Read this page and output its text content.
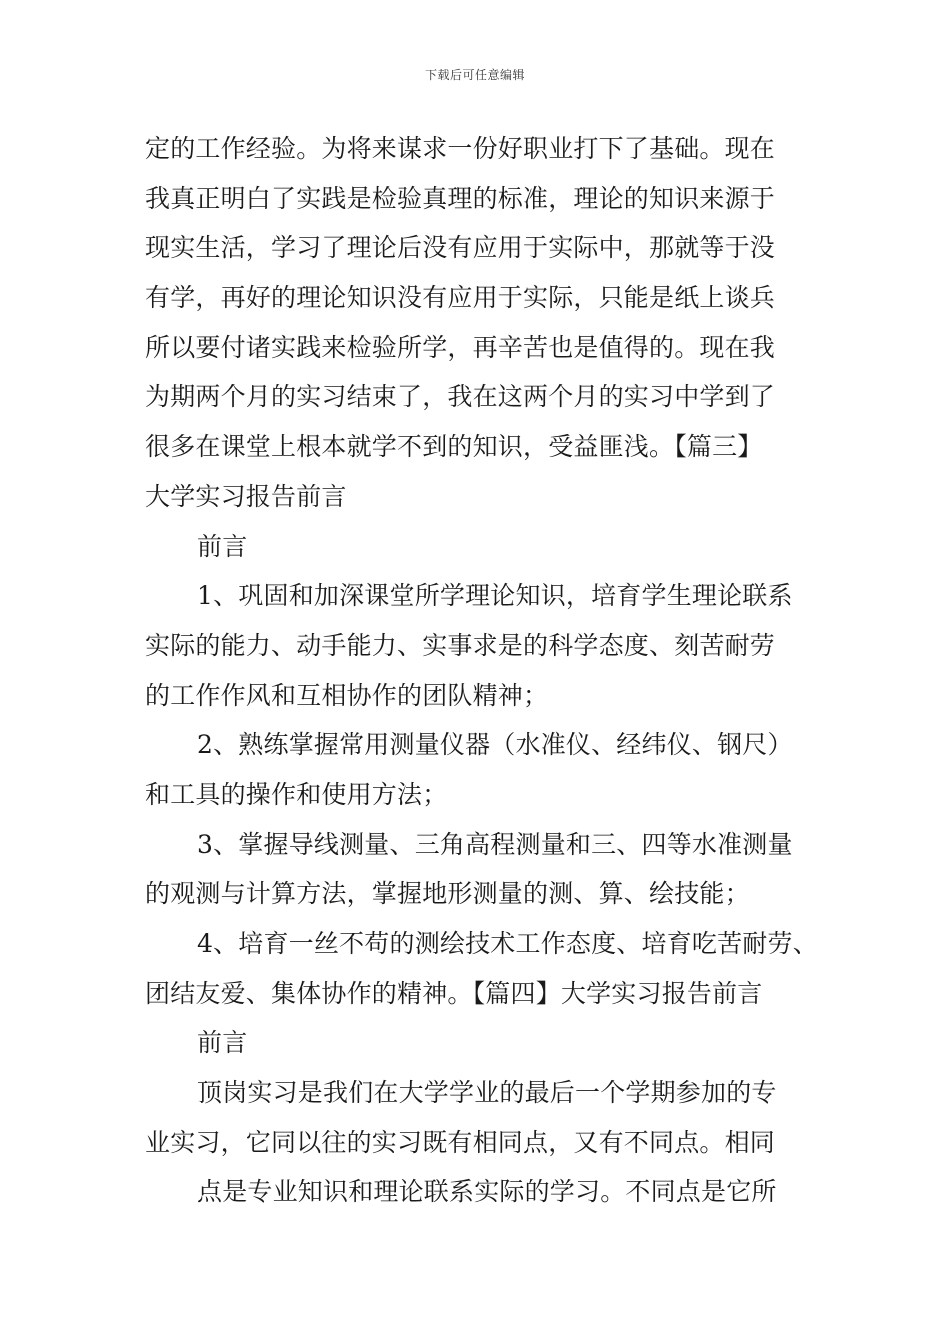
下载后可任意编辑
定的工作经验。为将来谋求一份好职业打下了基础。现在
我真正明白了实践是检验真理的标准，理论的知识来源于
现实生活，学习了理论后没有应用于实际中，那就等于没
有学，再好的理论知识没有应用于实际，只能是纸上谈兵
所以要付诸实践来检验所学，再辛苦也是值得的。现在我
为期两个月的实习结束了，我在这两个月的实习中学到了
很多在课堂上根本就学不到的知识，受益匪浅。【篇三】
大学实习报告前言
前言
1、巩固和加深课堂所学理论知识，培育学生理论联系
实际的能力、动手能力、实事求是的科学态度、刻苦耐劳
的工作作风和互相协作的团队精神；
2、熟练掌握常用测量仪器（水准仪、经纬仪、钢尺）
和工具的操作和使用方法；
3、掌握导线测量、三角高程测量和三、四等水准测量
的观测与计算方法，掌握地形测量的测、算、绘技能；
4、培育一丝不苟的测绘技术工作态度、培育吃苦耐劳、
团结友爱、集体协作的精神。【篇四】大学实习报告前言
前言
顶岗实习是我们在大学学业的最后一个学期参加的专
业实习，它同以往的实习既有相同点，又有不同点。相同
点是专业知识和理论联系实际的学习。不同点是它所
